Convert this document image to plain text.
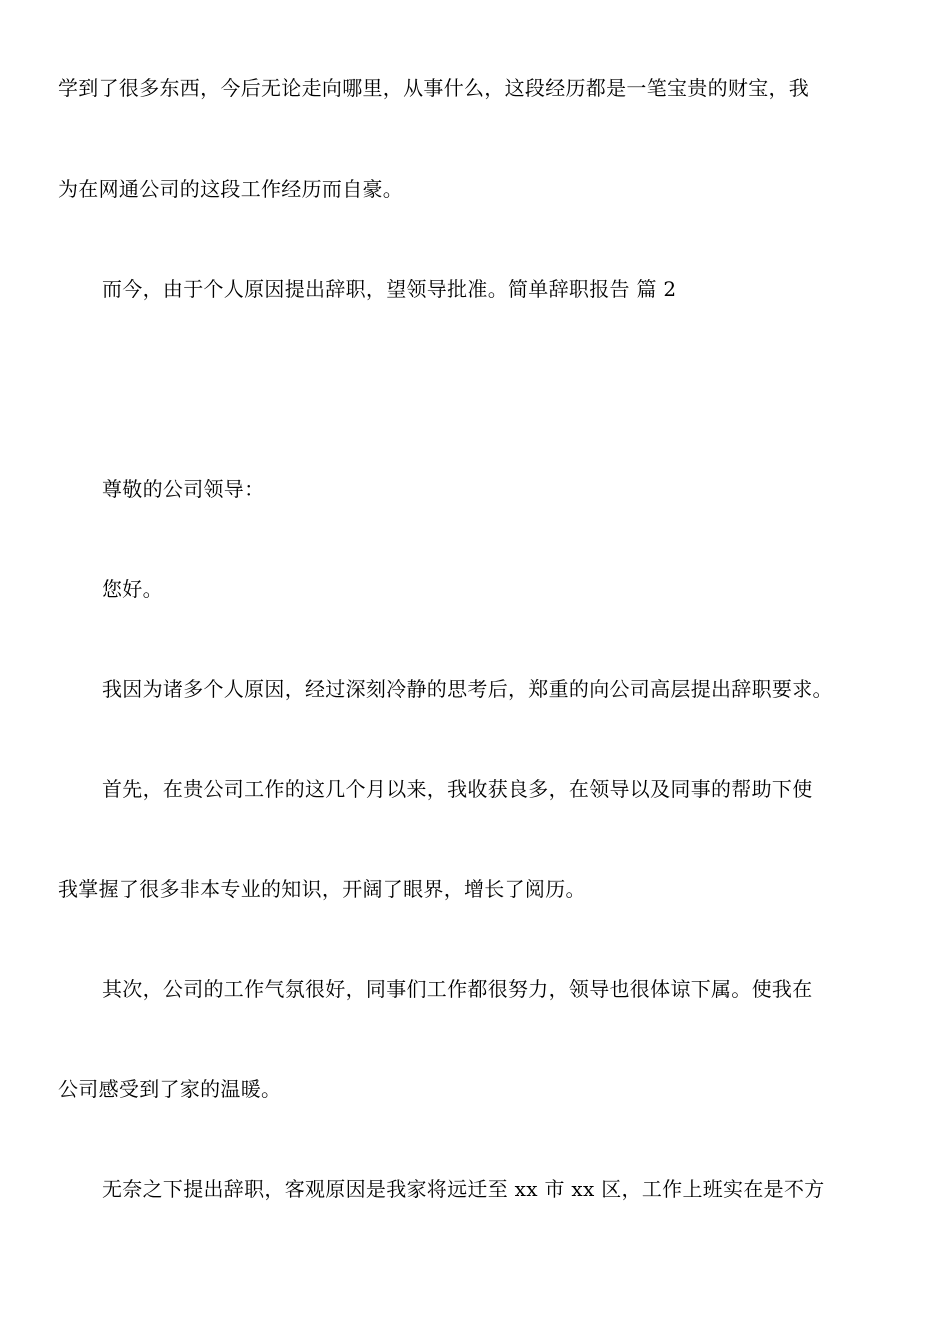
学到了很多东西，今后无论走向哪里，从事什么，这段经历都是一笔宝贵的财宝，我
为在网通公司的这段工作经历而自豪。
而今，由于个人原因提出辞职，望领导批准。简单辞职报告 篇 2
尊敬的公司领导：
您好。
我因为诸多个人原因，经过深刻冷静的思考后，郑重的向公司高层提出辞职要求。
首先，在贵公司工作的这几个月以来，我收获良多，在领导以及同事的帮助下使
我掌握了很多非本专业的知识，开阔了眼界，增长了阅历。
其次，公司的工作气氛很好，同事们工作都很努力，领导也很体谅下属。使我在
公司感受到了家的温暖。
无奈之下提出辞职，客观原因是我家将远迁至 xx 市 xx 区，工作上班实在是不方
